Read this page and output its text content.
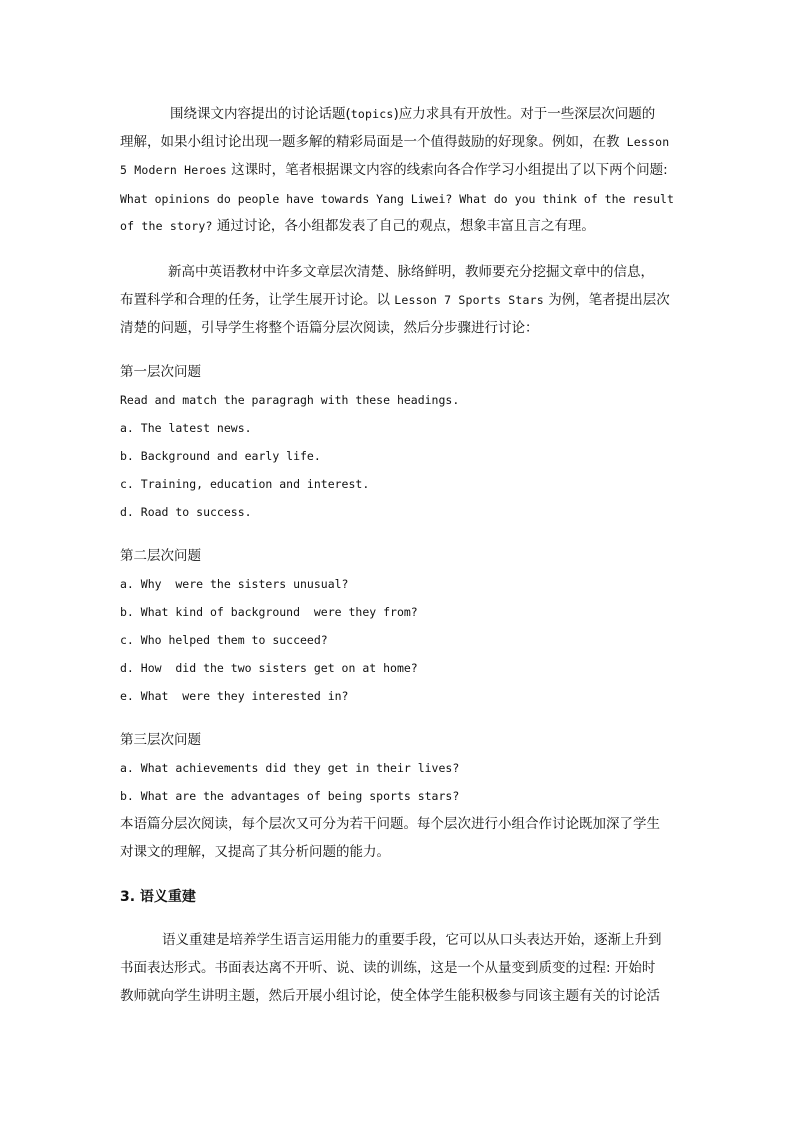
围绕课文内容提出的讨论话题(topics)应力求具有开放性。对于一些深层次问题的

理解，如果小组讨论出现一题多解的精彩局面是一个值得鼓励的好现象。例如，在教 Lesson

5 Modern Heroes 这课时，笔者根据课文内容的线索向各合作学习小组提出了以下两个问题:

What opinions do people have towards Yang Liwei? What do you think of the result

of the story? 通过讨论，各小组都发表了自己的观点，想象丰富且言之有理。

新高中英语教材中许多文章层次清楚、脉络鲜明，教师要充分挖掘文章中的信息，

布置科学和合理的任务，让学生展开讨论。以 Lesson 7 Sports Stars 为例，笔者提出层次

清楚的问题，引导学生将整个语篇分层次阅读，然后分步骤进行讨论：

第一层次问题

Read and match the paragragh with these headings.

a. The latest news.

b. Background and early life.

c. Training, education and interest.

d. Road to success.

第二层次问题

a. Why  were the sisters unusual?

b. What kind of background  were they from?

c. Who helped them to succeed?

d. How  did the two sisters get on at home?

e. What  were they interested in?

第三层次问题

a. What achievements did they get in their lives?

b. What are the advantages of being sports stars?

本语篇分层次阅读，每个层次又可分为若干问题。每个层次进行小组合作讨论既加深了学生

对课文的理解，又提高了其分析问题的能力。

3. 语义重建

语义重建是培养学生语言运用能力的重要手段，它可以从口头表达开始，逐渐上升到

书面表达形式。书面表达离不开听、说、读的训练，这是一个从量变到质变的过程: 开始时

教师就向学生讲明主题，然后开展小组讨论，使全体学生能积极参与同该主题有关的讨论活
